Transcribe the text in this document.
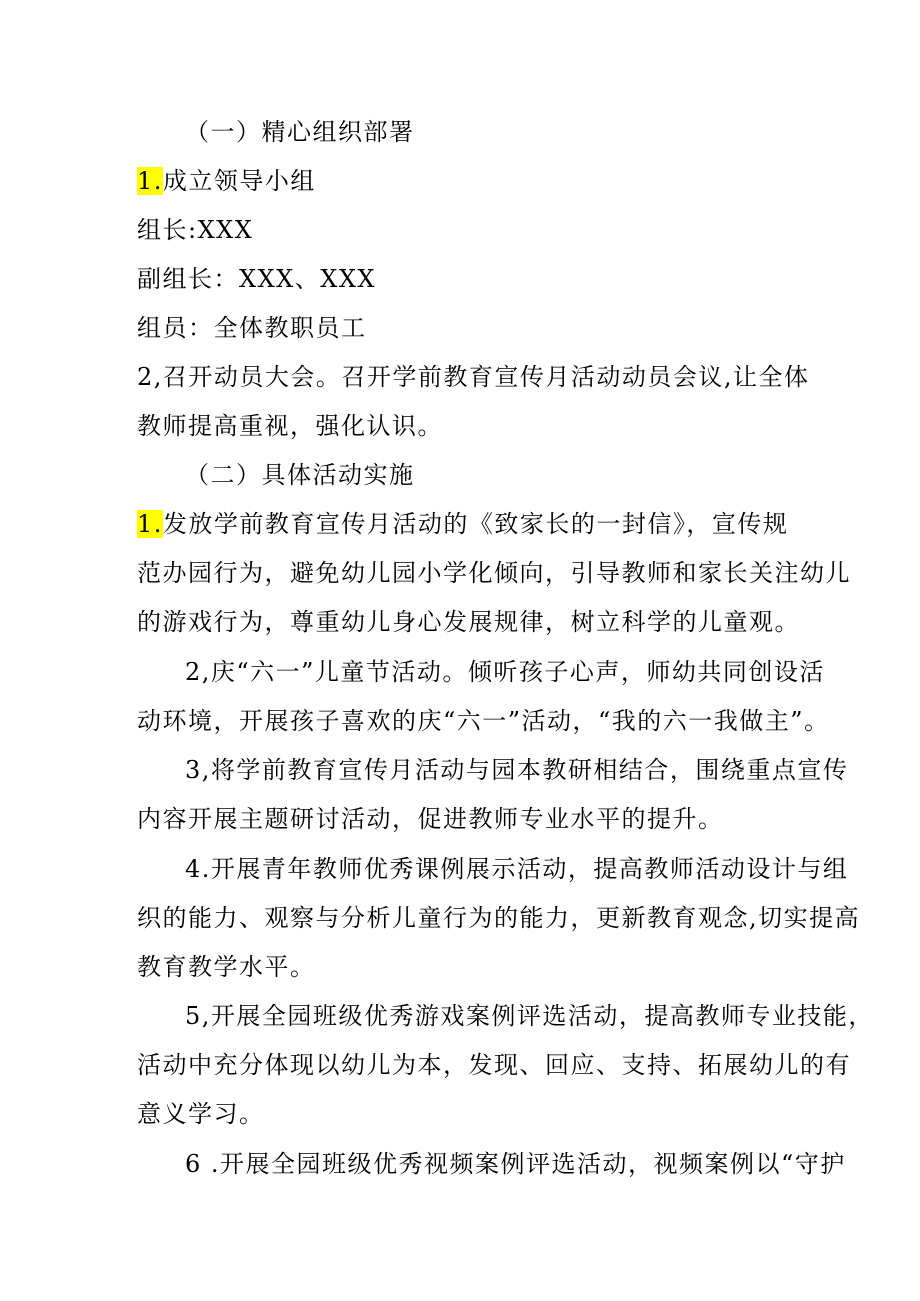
（一）精心组织部署
1.成立领导小组
组长:XXX
副组长：XXX、XXX
组员：全体教职员工
2,召开动员大会。召开学前教育宣传月活动动员会议,让全体
教师提高重视，强化认识。
（二）具体活动实施
1.发放学前教育宣传月活动的《致家长的一封信》，宣传规
范办园行为，避免幼儿园小学化倾向，引导教师和家长关注幼儿
的游戏行为，尊重幼儿身心发展规律，树立科学的儿童观。
2,庆“六一”儿童节活动。倾听孩子心声，师幼共同创设活
动环境，开展孩子喜欢的庆“六一”活动，“我的六一我做主”。
3,将学前教育宣传月活动与园本教研相结合，围绕重点宣传
内容开展主题研讨活动，促进教师专业水平的提升。
4.开展青年教师优秀课例展示活动，提高教师活动设计与组
织的能力、观察与分析儿童行为的能力，更新教育观念,切实提高
教育教学水平。
5,开展全园班级优秀游戏案例评选活动，提高教师专业技能，
活动中充分体现以幼儿为本，发现、回应、支持、拓展幼儿的有
意义学习。
6 .开展全园班级优秀视频案例评选活动，视频案例以“守护
